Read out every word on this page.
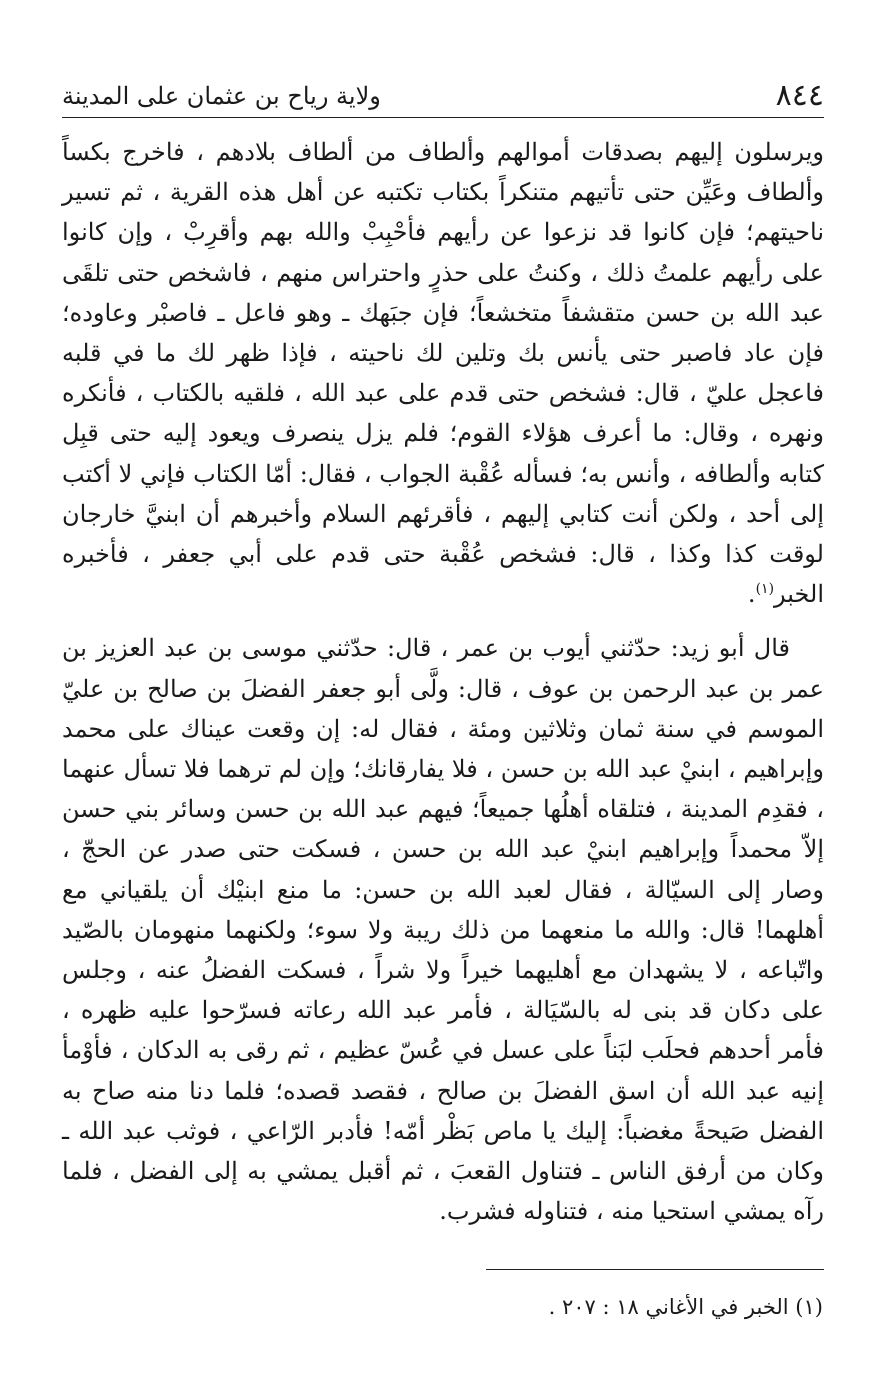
٨٤٤
ولاية رياح بن عثمان على المدينة

ويرسلون إليهم بصدقات أموالهم وألطاف من ألطاف بلادهم ، فاخرج بكساً وألطاف وعَيِّن حتى تأتيهم متنكراً بكتاب تكتبه عن أهل هذه القرية ، ثم تسير ناحيتهم؛ فإن كانوا قد نزعوا عن رأيهم فأحْبِبْ والله بهم وأقرِبْ ، وإن كانوا على رأيهم علمتُ ذلك ، وكنتُ على حذرٍ واحتراس منهم ، فاشخص حتى تلقَى عبد الله بن حسن متقشفاً متخشعاً؛ فإن جبَهك ـ وهو فاعل ـ فاصبْر وعاوده؛ فإن عاد فاصبر حتى يأنس بك وتلين لك ناحيته ، فإذا ظهر لك ما في قلبه فاعجل عليّ ، قال: فشخص حتى قدم على عبد الله ، فلقيه بالكتاب ، فأنكره ونهره ، وقال: ما أعرف هؤلاء القوم؛ فلم يزل ينصرف ويعود إليه حتى قبِل كتابه وألطافه ، وأنس به؛ فسأله عُقْبة الجواب ، فقال: أمّا الكتاب فإني لا أكتب إلى أحد ، ولكن أنت كتابي إليهم ، فأقرئهم السلام وأخبرهم أن ابنيَّ خارجان لوقت كذا وكذا ، قال: فشخص عُقْبة حتى قدم على أبي جعفر ، فأخبره الخبر$^{(١)}$.

قال أبو زيد: حدّثني أيوب بن عمر ، قال: حدّثني موسى بن عبد العزيز بن عمر بن عبد الرحمن بن عوف ، قال: ولَّى أبو جعفر الفضلَ بن صالح بن عليّ الموسم في سنة ثمان وثلاثين ومئة ، فقال له: إن وقعت عيناك على محمد وإبراهيم ، ابنيْ عبد الله بن حسن ، فلا يفارقانك؛ وإن لم ترهما فلا تسأل عنهما ، فقدِم المدينة ، فتلقاه أهلُها جميعاً؛ فيهم عبد الله بن حسن وسائر بني حسن إلاّ محمداً وإبراهيم ابنيْ عبد الله بن حسن ، فسكت حتى صدر عن الحجّ ، وصار إلى السيّالة ، فقال لعبد الله بن حسن: ما منع ابنيْك أن يلقياني مع أهلهما! قال: والله ما منعهما من ذلك ريبة ولا سوء؛ ولكنهما منهومان بالصّيد واتّباعه ، لا يشهدان مع أهليهما خيراً ولا شراً ، فسكت الفضلُ عنه ، وجلس على دكان قد بنى له بالسّيَالة ، فأمر عبد الله رعاته فسرّحوا عليه ظهره ، فأمر أحدهم فحلَب لبَناً على عسل في عُسّ عظيم ، ثم رقى به الدكان ، فأوْمأ إنيه عبد الله أن اسق الفضلَ بن صالح ، فقصد قصده؛ فلما دنا منه صاح به الفضل صَيحةً مغضباً: إليك يا ماص بَظْر أمّه! فأدبر الرّاعي ، فوثب عبد الله ـ وكان من أرفق الناس ـ فتناول القعبَ ، ثم أقبل يمشي به إلى الفضل ، فلما رآه يمشي استحيا منه ، فتناوله فشرب.

(١) الخبر في الأغاني ١٨ : ٢٠٧ .
